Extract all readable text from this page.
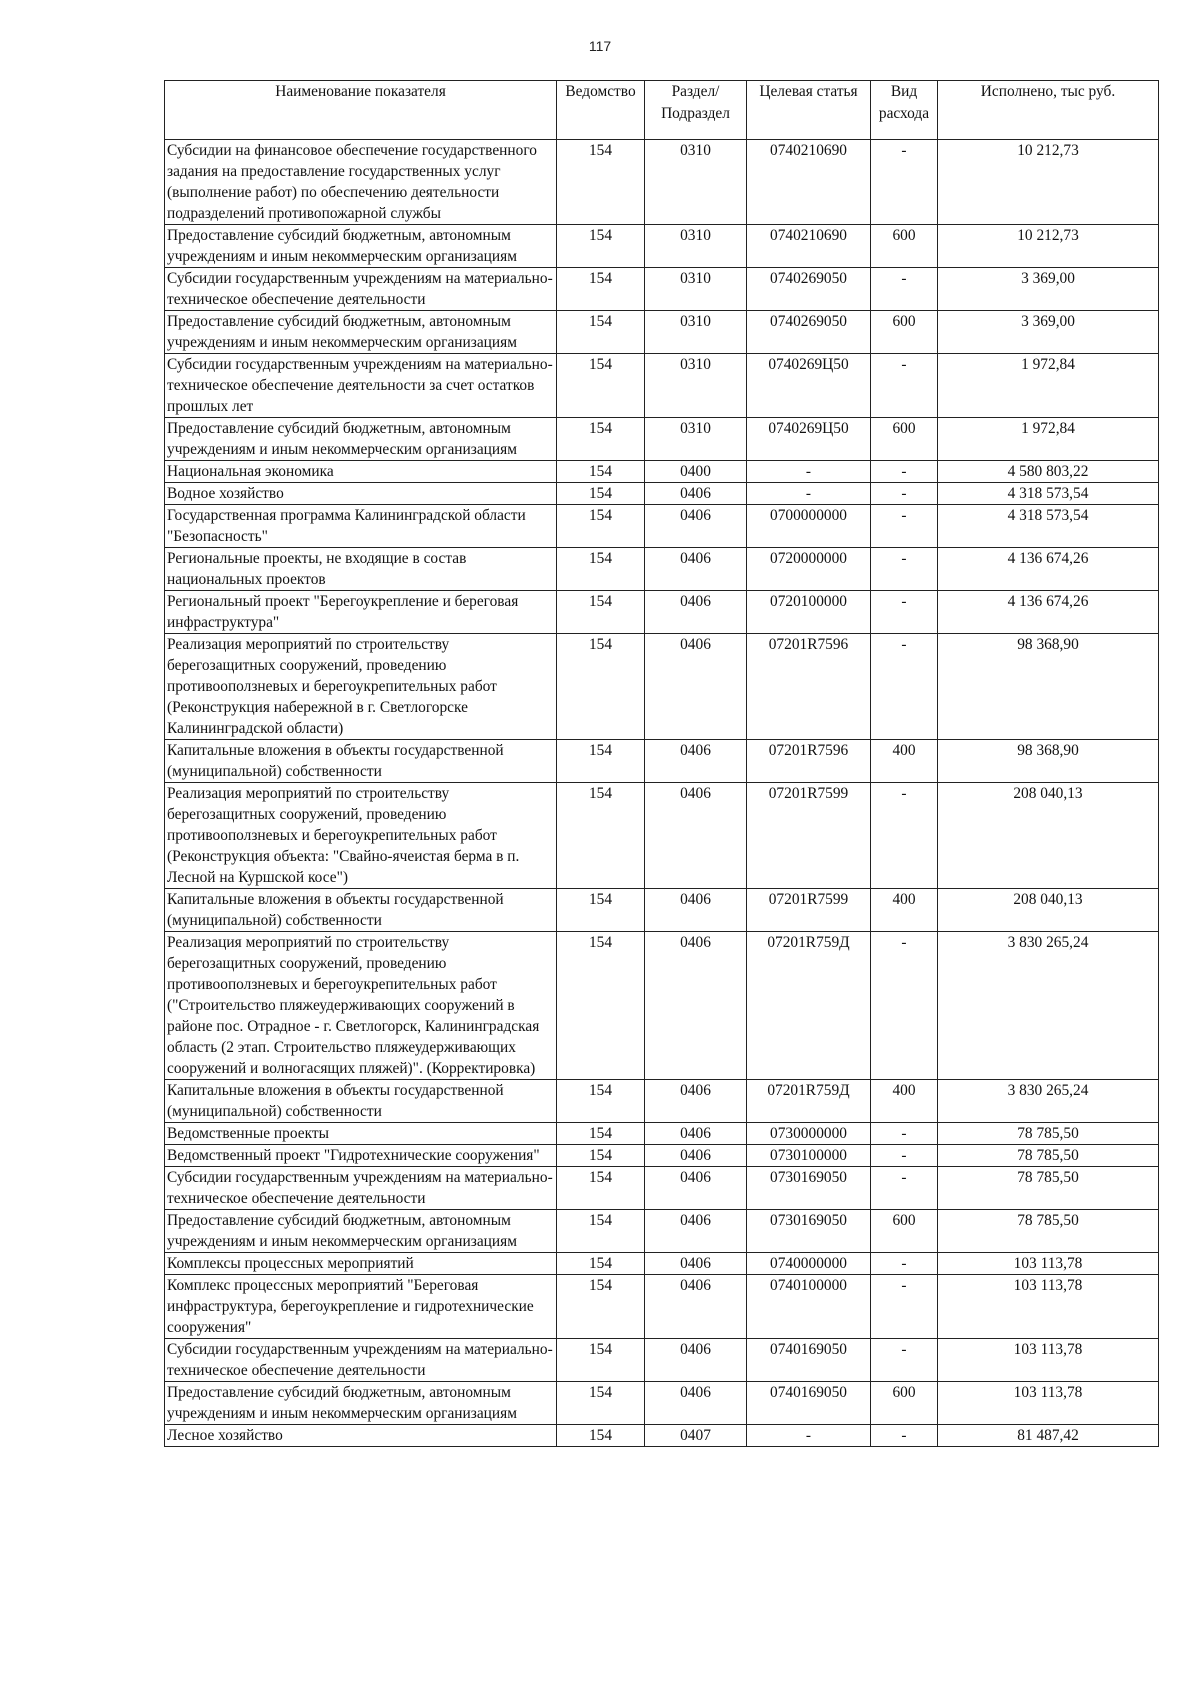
117
Наименование показателя	Ведомство	Раздел/ Подраздел	Целевая статья	Вид расхода	Исполнено, тыс руб.
Субсидии на финансовое обеспечение государственного задания на предоставление государственных услуг (выполнение работ) по обеспечению деятельности подразделений противопожарной службы	154	0310	0740210690	-	10 212,73
Предоставление субсидий бюджетным, автономным учреждениям и иным некоммерческим организациям	154	0310	0740210690	600	10 212,73
Субсидии государственным учреждениям на материально-техническое обеспечение деятельности	154	0310	0740269050	-	3 369,00
Предоставление субсидий бюджетным, автономным учреждениям и иным некоммерческим организациям	154	0310	0740269050	600	3 369,00
Субсидии государственным учреждениям на материально-техническое обеспечение деятельности за счет остатков прошлых лет	154	0310	0740269Ц50	-	1 972,84
Предоставление субсидий бюджетным, автономным учреждениям и иным некоммерческим организациям	154	0310	0740269Ц50	600	1 972,84
Национальная экономика	154	0400	-	-	4 580 803,22
Водное хозяйство	154	0406	-	-	4 318 573,54
Государственная программа Калининградской области "Безопасность"	154	0406	0700000000	-	4 318 573,54
Региональные проекты, не входящие в состав национальных проектов	154	0406	0720000000	-	4 136 674,26
Региональный проект "Берегоукрепление и береговая инфраструктура"	154	0406	0720100000	-	4 136 674,26
Реализация мероприятий по строительству берегозащитных сооружений, проведению противооползневых и берегоукрепительных работ (Реконструкция набережной в г. Светлогорске Калининградской области)	154	0406	07201R7596	-	98 368,90
Капитальные вложения в объекты государственной (муниципальной) собственности	154	0406	07201R7596	400	98 368,90
Реализация мероприятий по строительству берегозащитных сооружений, проведению противооползневых и берегоукрепительных работ (Реконструкция объекта: "Свайно-ячеистая берма в п. Лесной на Куршской косе")	154	0406	07201R7599	-	208 040,13
Капитальные вложения в объекты государственной (муниципальной) собственности	154	0406	07201R7599	400	208 040,13
Реализация мероприятий по строительству берегозащитных сооружений, проведению противооползневых и берегоукрепительных работ ("Строительство пляжеудерживающих сооружений в районе пос. Отрадное - г. Светлогорск, Калининградская область (2 этап. Строительство пляжеудерживающих сооружений и волногасящих пляжей)". (Корректировка)	154	0406	07201R759Д	-	3 830 265,24
Капитальные вложения в объекты государственной (муниципальной) собственности	154	0406	07201R759Д	400	3 830 265,24
Ведомственные проекты	154	0406	0730000000	-	78 785,50
Ведомственный проект "Гидротехнические сооружения"	154	0406	0730100000	-	78 785,50
Субсидии государственным учреждениям на материально-техническое обеспечение деятельности	154	0406	0730169050	-	78 785,50
Предоставление субсидий бюджетным, автономным учреждениям и иным некоммерческим организациям	154	0406	0730169050	600	78 785,50
Комплексы процессных мероприятий	154	0406	0740000000	-	103 113,78
Комплекс процессных мероприятий "Береговая инфраструктура, берегоукрепление и гидротехнические сооружения"	154	0406	0740100000	-	103 113,78
Субсидии государственным учреждениям на материально-техническое обеспечение деятельности	154	0406	0740169050	-	103 113,78
Предоставление субсидий бюджетным, автономным учреждениям и иным некоммерческим организациям	154	0406	0740169050	600	103 113,78
Лесное хозяйство	154	0407	-	-	81 487,42
